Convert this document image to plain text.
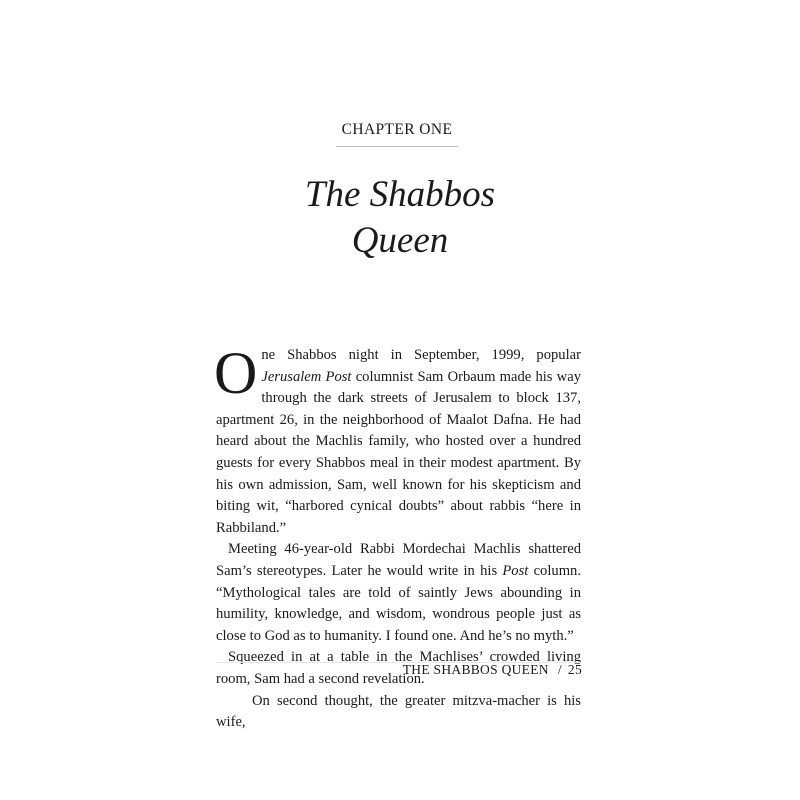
CHAPTER ONE
The Shabbos
Queen

One Shabbos night in September, 1999, popular Jerusalem Post columnist Sam Orbaum made his way through the dark streets of Jerusalem to block 137, apartment 26, in the neighborhood of Maalot Dafna. He had heard about the Machlis family, who hosted over a hundred guests for every Shabbos meal in their modest apartment. By his own admission, Sam, well known for his skepticism and biting wit, “harbored cynical doubts” about rabbis “here in Rabbiland.”

Meeting 46-year-old Rabbi Mordechai Machlis shattered Sam’s stereotypes. Later he would write in his Post column. “Mythological tales are told of saintly Jews abounding in humility, knowledge, and wisdom, wondrous people just as close to God as to humanity. I found one. And he’s no myth.”

Squeezed in at a table in the Machlises’ crowded living room, Sam had a second revelation.

On second thought, the greater mitzva-macher is his wife,

THE SHABBOS QUEEN / 25
